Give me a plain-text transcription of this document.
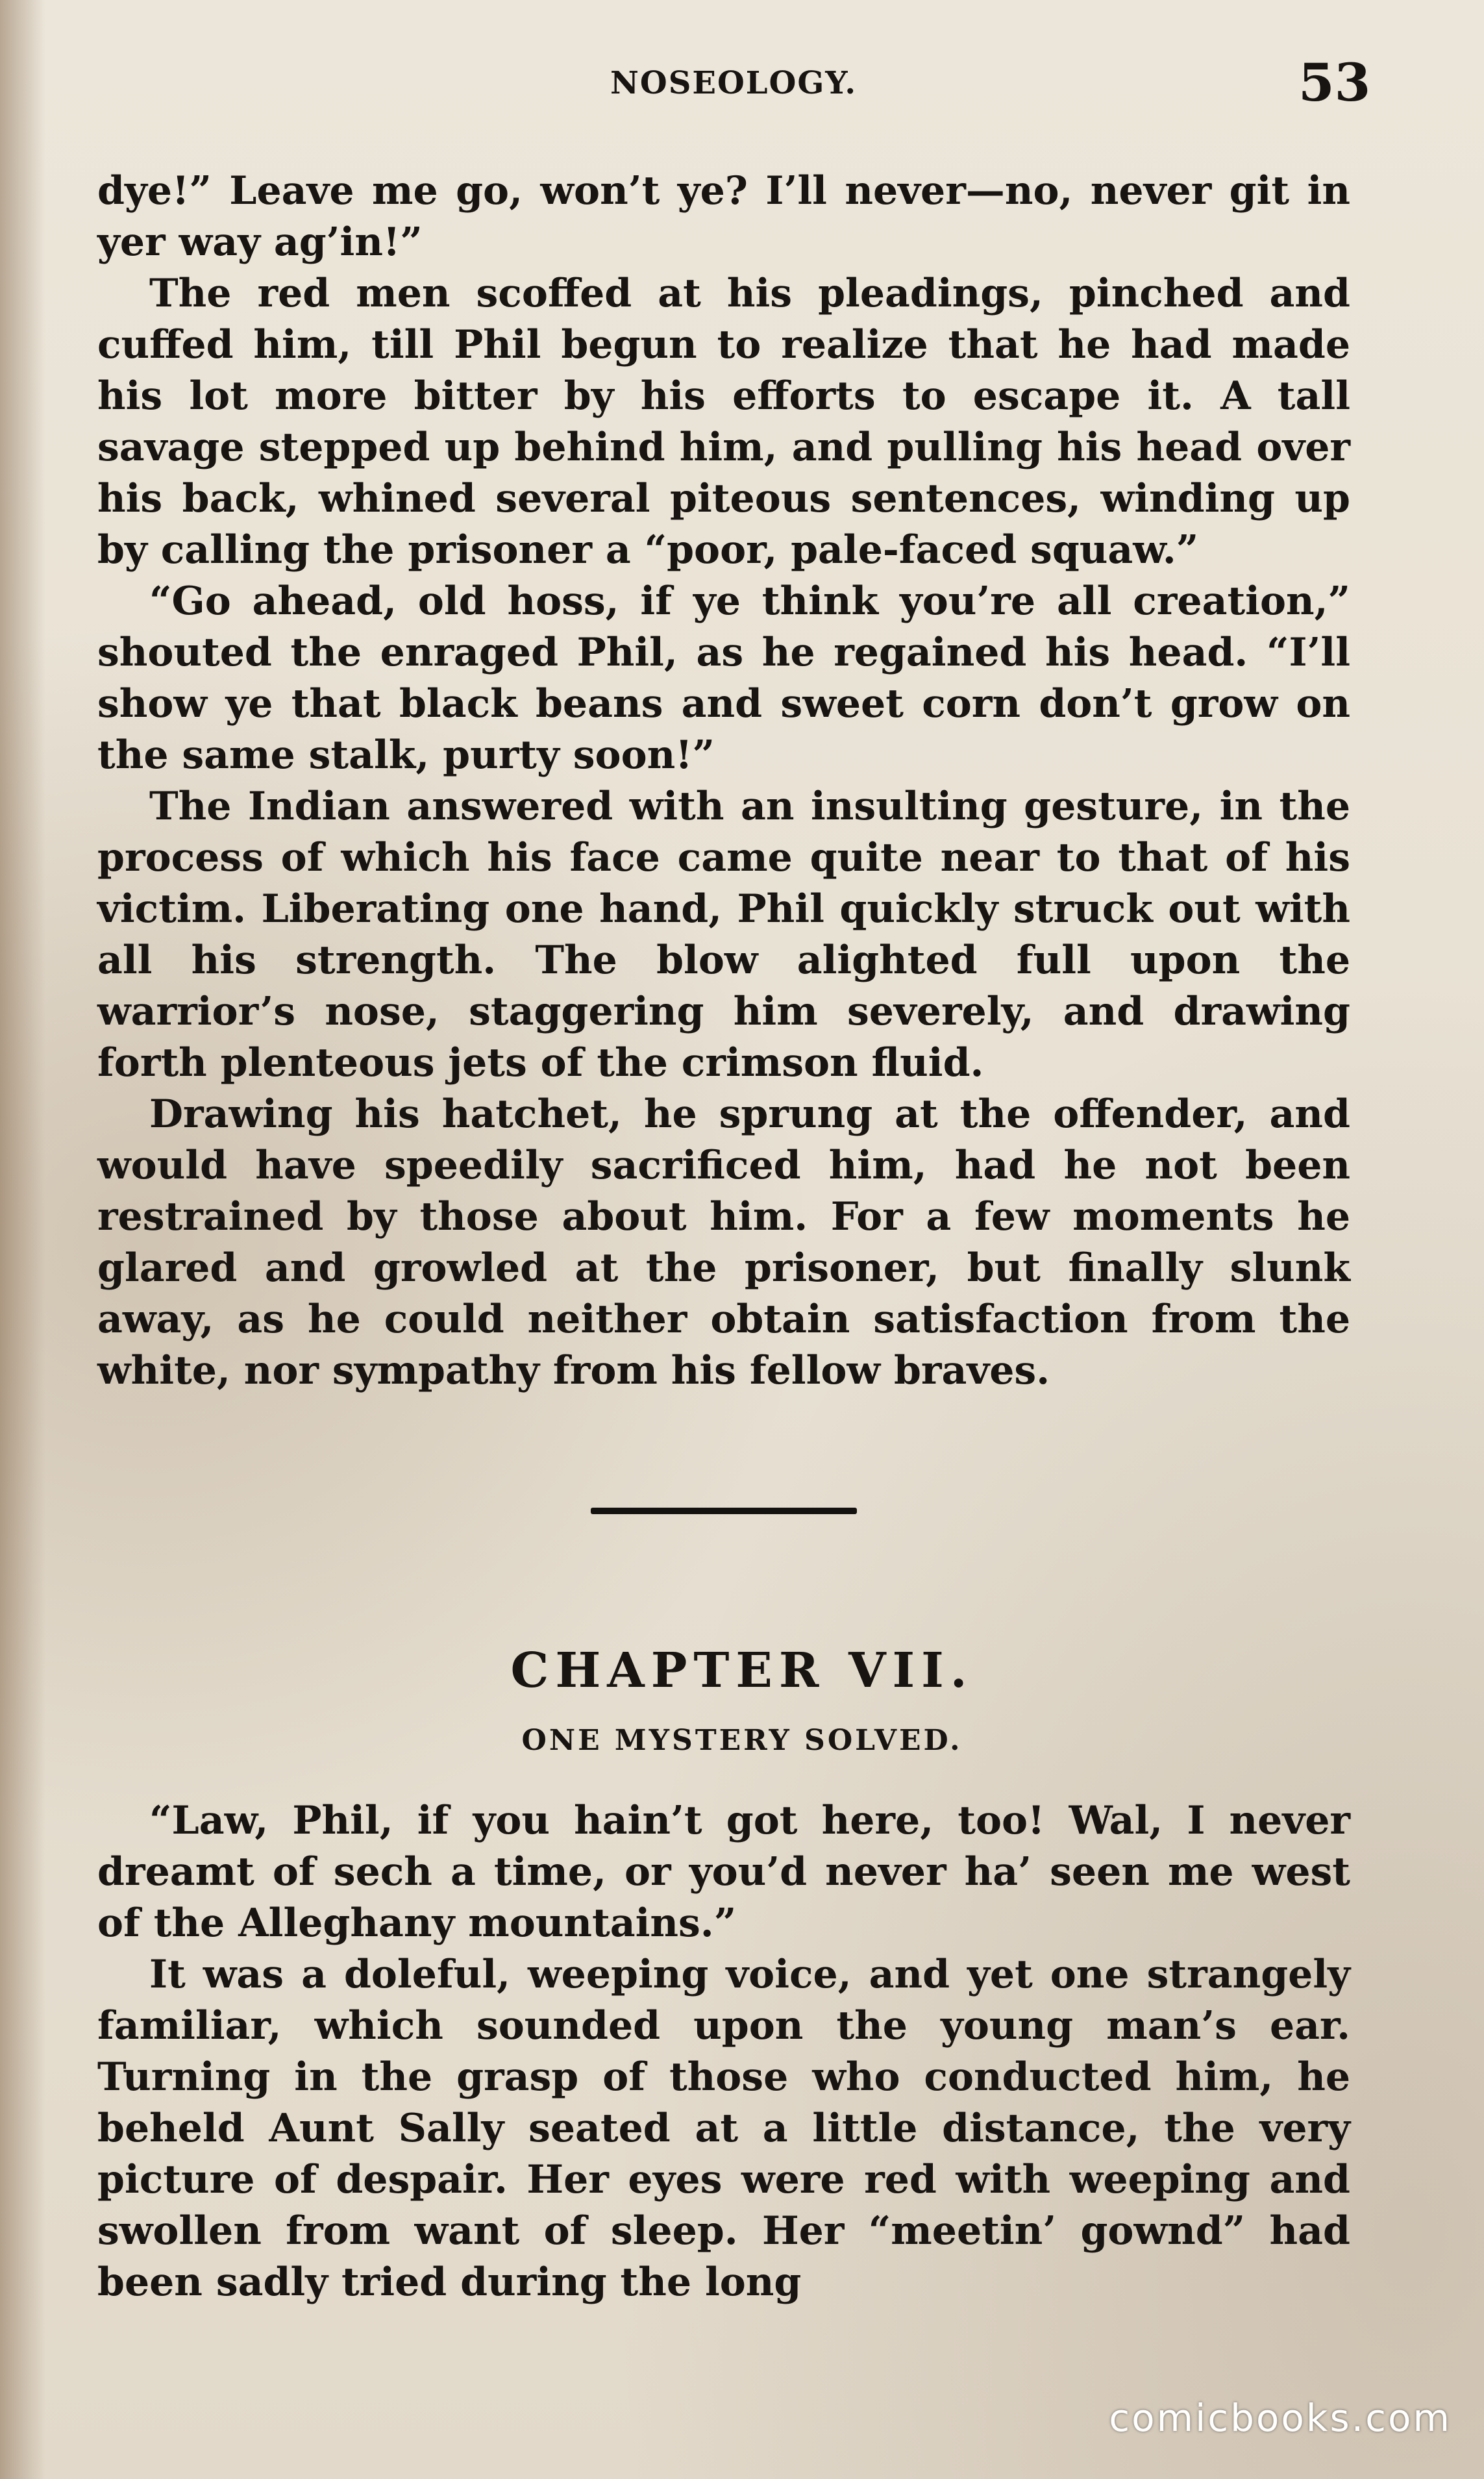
NOSEOLOGY.	53

dye!” Leave me go, won’t ye? I’ll never—no, never git in yer way ag’in!”

The red men scoffed at his pleadings, pinched and cuffed him, till Phil begun to realize that he had made his lot more bitter by his efforts to escape it. A tall savage stepped up behind him, and pulling his head over his back, whined several piteous sentences, winding up by calling the prisoner a “poor, pale-faced squaw.”

“Go ahead, old hoss, if ye think you’re all creation,” shouted the enraged Phil, as he regained his head. “I’ll show ye that black beans and sweet corn don’t grow on the same stalk, purty soon!”

The Indian answered with an insulting gesture, in the process of which his face came quite near to that of his victim. Liberating one hand, Phil quickly struck out with all his strength. The blow alighted full upon the warrior’s nose, staggering him severely, and drawing forth plenteous jets of the crimson fluid.

Drawing his hatchet, he sprung at the offender, and would have speedily sacrificed him, had he not been restrained by those about him. For a few moments he glared and growled at the prisoner, but finally slunk away, as he could neither obtain satisfaction from the white, nor sympathy from his fellow braves.

CHAPTER VII.
ONE MYSTERY SOLVED.

“Law, Phil, if you hain’t got here, too! Wal, I never dreamt of sech a time, or you’d never ha’ seen me west of the Alleghany mountains.”

It was a doleful, weeping voice, and yet one strangely familiar, which sounded upon the young man’s ear. Turning in the grasp of those who conducted him, he beheld Aunt Sally seated at a little distance, the very picture of despair. Her eyes were red with weeping and swollen from want of sleep. Her “meetin’ gownd” had been sadly tried during the long

comicbooks.com
